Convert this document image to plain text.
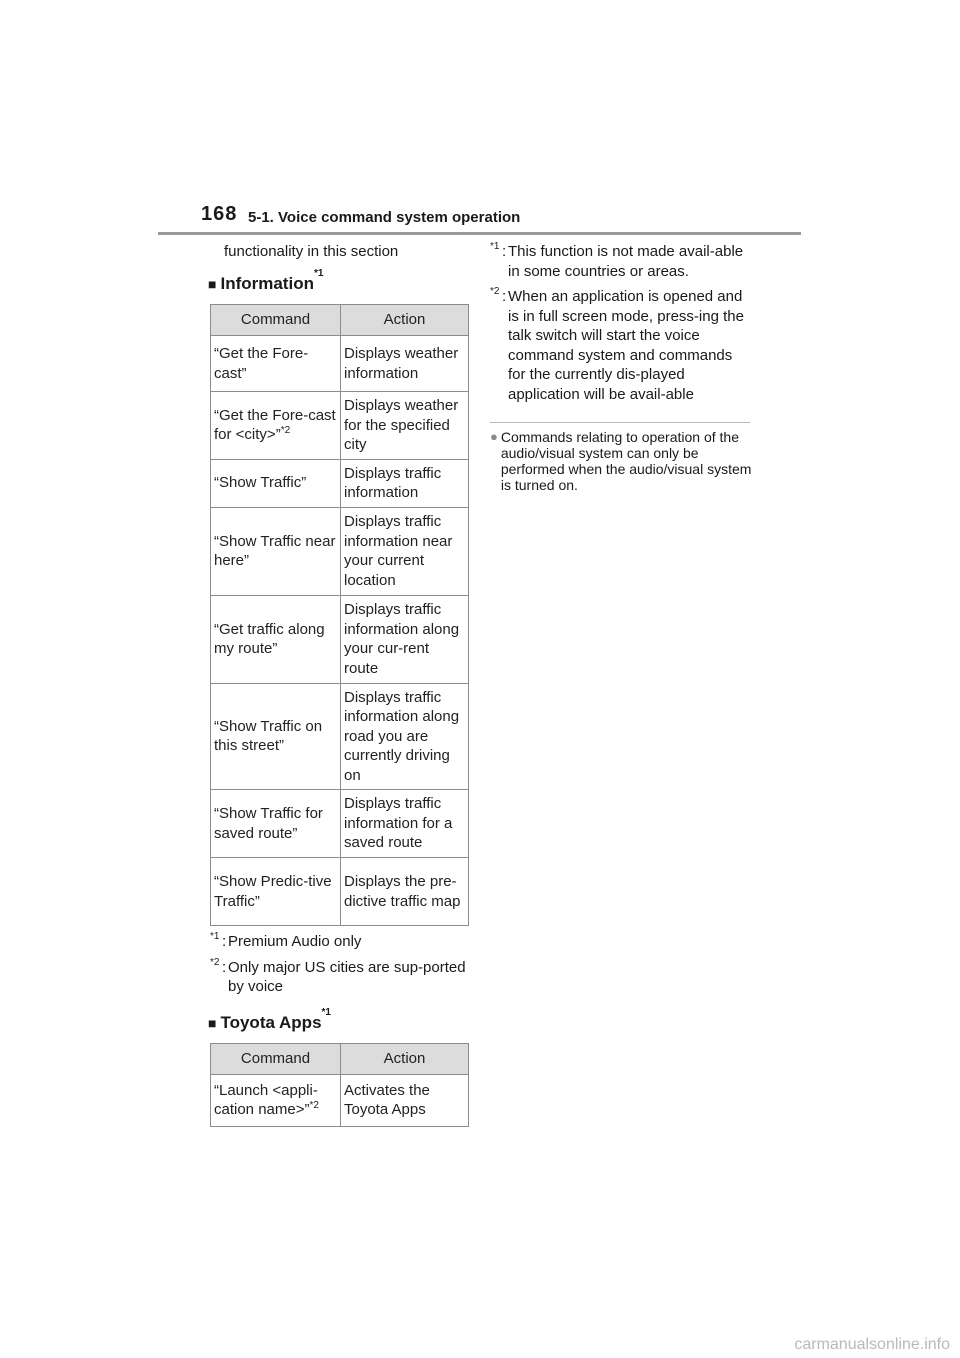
168 5-1. Voice command system operation
functionality in this section
■ Information
*1
Command	Action
“Get the Fore-cast”	Displays weather information
“Get the Fore-cast for <city>”$^{*2}$	Displays weather for the specified city
“Show Traffic”	Displays traffic information
“Show Traffic near here”	Displays traffic information near your current location
“Get traffic along my route”	Displays traffic information along your cur-rent route
“Show Traffic on this street”	Displays traffic information along road you are currently driving on
“Show Traffic for saved route”	Displays traffic information for a saved route
“Show Predic-tive Traffic”	Displays the pre-dictive traffic map
*1 : Premium Audio only
*2 : Only major US cities are sup-ported by voice
■ Toyota Apps
*1
Command	Action
“Launch <appli-cation name>”$^{*2}$	Activates the Toyota Apps
*1 : This function is not made avail-able in some countries or areas.
*2 : When an application is opened and is in full screen mode, press-ing the talk switch will start the voice command system and commands for the currently dis-played application will be avail-able
● Commands relating to operation of the audio/visual system can only be performed when the audio/visual system is turned on.
carmanualsonline.info
